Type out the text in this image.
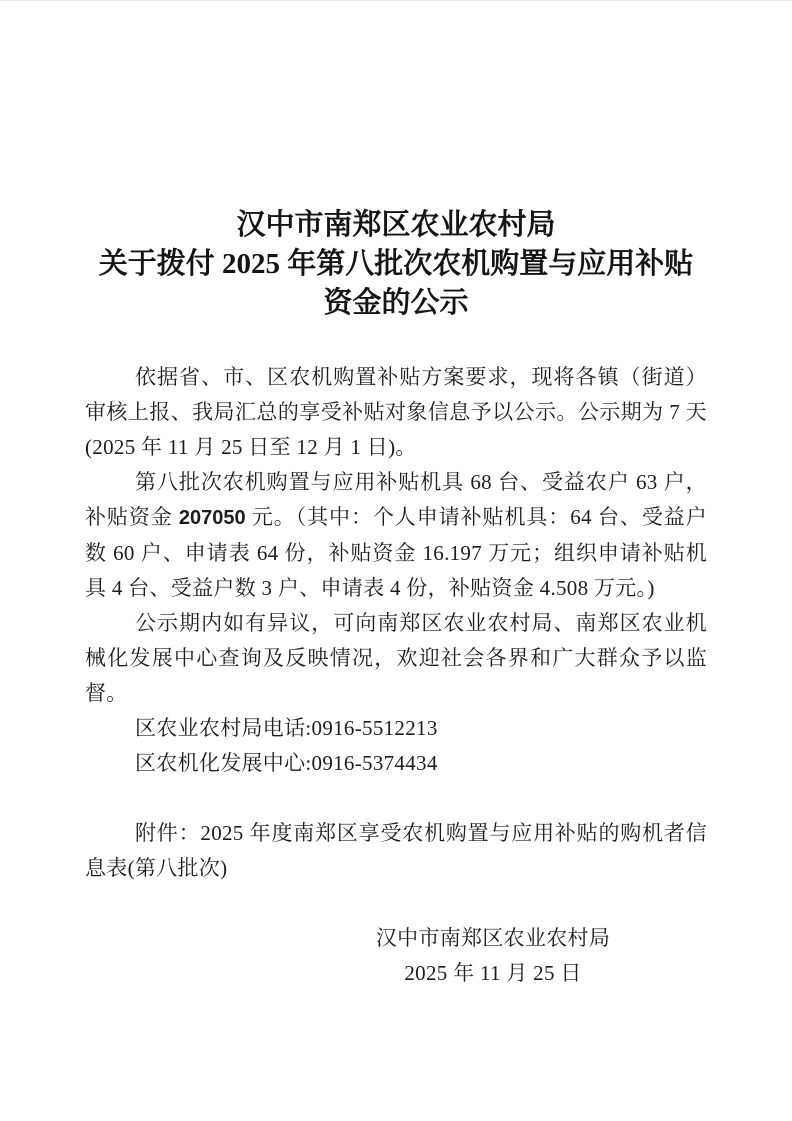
汉中市南郑区农业农村局
关于拨付 2025 年第八批次农机购置与应用补贴
资金的公示

依据省、市、区农机购置补贴方案要求，现将各镇（街道）审核上报、我局汇总的享受补贴对象信息予以公示。公示期为 7 天(2025 年 11 月 25 日至 12 月 1 日)。

第八批次农机购置与应用补贴机具 68 台、受益农户 63 户，补贴资金 207050 元。（其中：个人申请补贴机具：64 台、受益户数 60 户、申请表 64 份，补贴资金 16.197 万元；组织申请补贴机具 4 台、受益户数 3 户、申请表 4 份，补贴资金 4.508 万元。)

公示期内如有异议，可向南郑区农业农村局、南郑区农业机械化发展中心查询及反映情况，欢迎社会各界和广大群众予以监督。

区农业农村局电话:0916-5512213

区农机化发展中心:0916-5374434

附件：2025 年度南郑区享受农机购置与应用补贴的购机者信息表(第八批次)

汉中市南郑区农业农村局
2025 年 11 月 25 日
